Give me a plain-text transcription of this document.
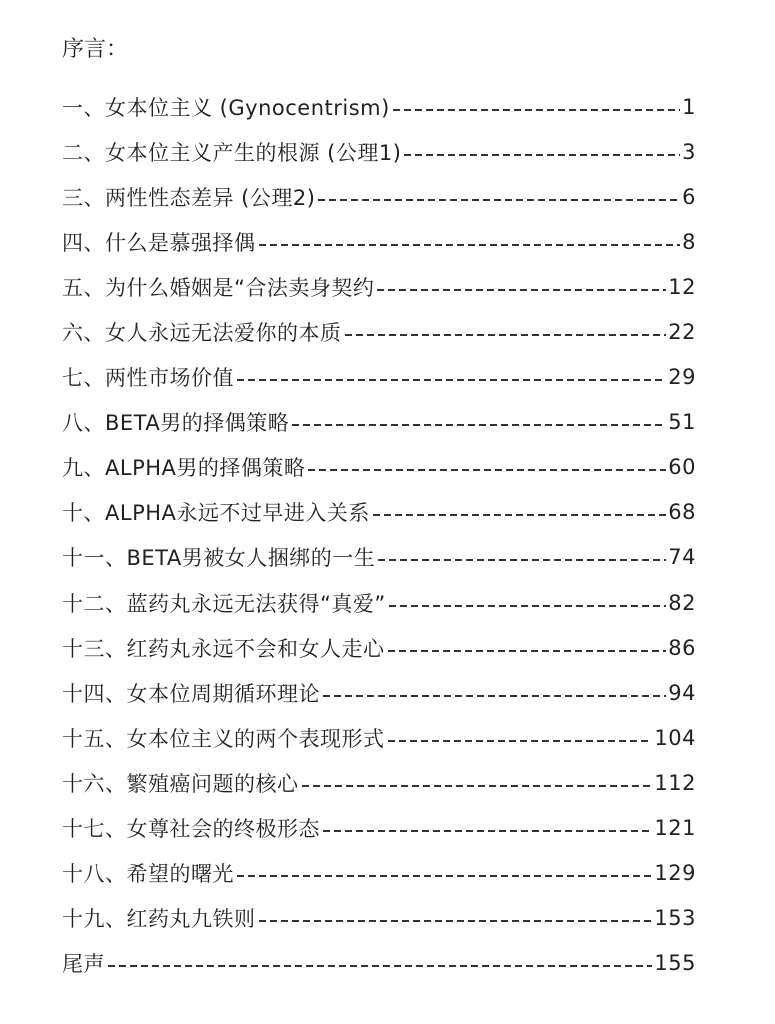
序言：
一、女本位主义 (Gynocentrism)	1
二、女本位主义产生的根源 (公理1)	3
三、两性性态差异 (公理2)	6
四、什么是慕强择偶	8
五、为什么婚姻是“合法卖身契约	12
六、女人永远无法爱你的本质	22
七、两性市场价值	29
八、BETA男的择偶策略	51
九、ALPHA男的择偶策略	60
十、ALPHA永远不过早进入关系	68
十一、BETA男被女人捆绑的一生	74
十二、蓝药丸永远无法获得“真爱”	82
十三、红药丸永远不会和女人走心	86
十四、女本位周期循环理论	94
十五、女本位主义的两个表现形式	104
十六、繁殖癌问题的核心	112
十七、女尊社会的终极形态	121
十八、希望的曙光	129
十九、红药丸九铁则	153
尾声	155
